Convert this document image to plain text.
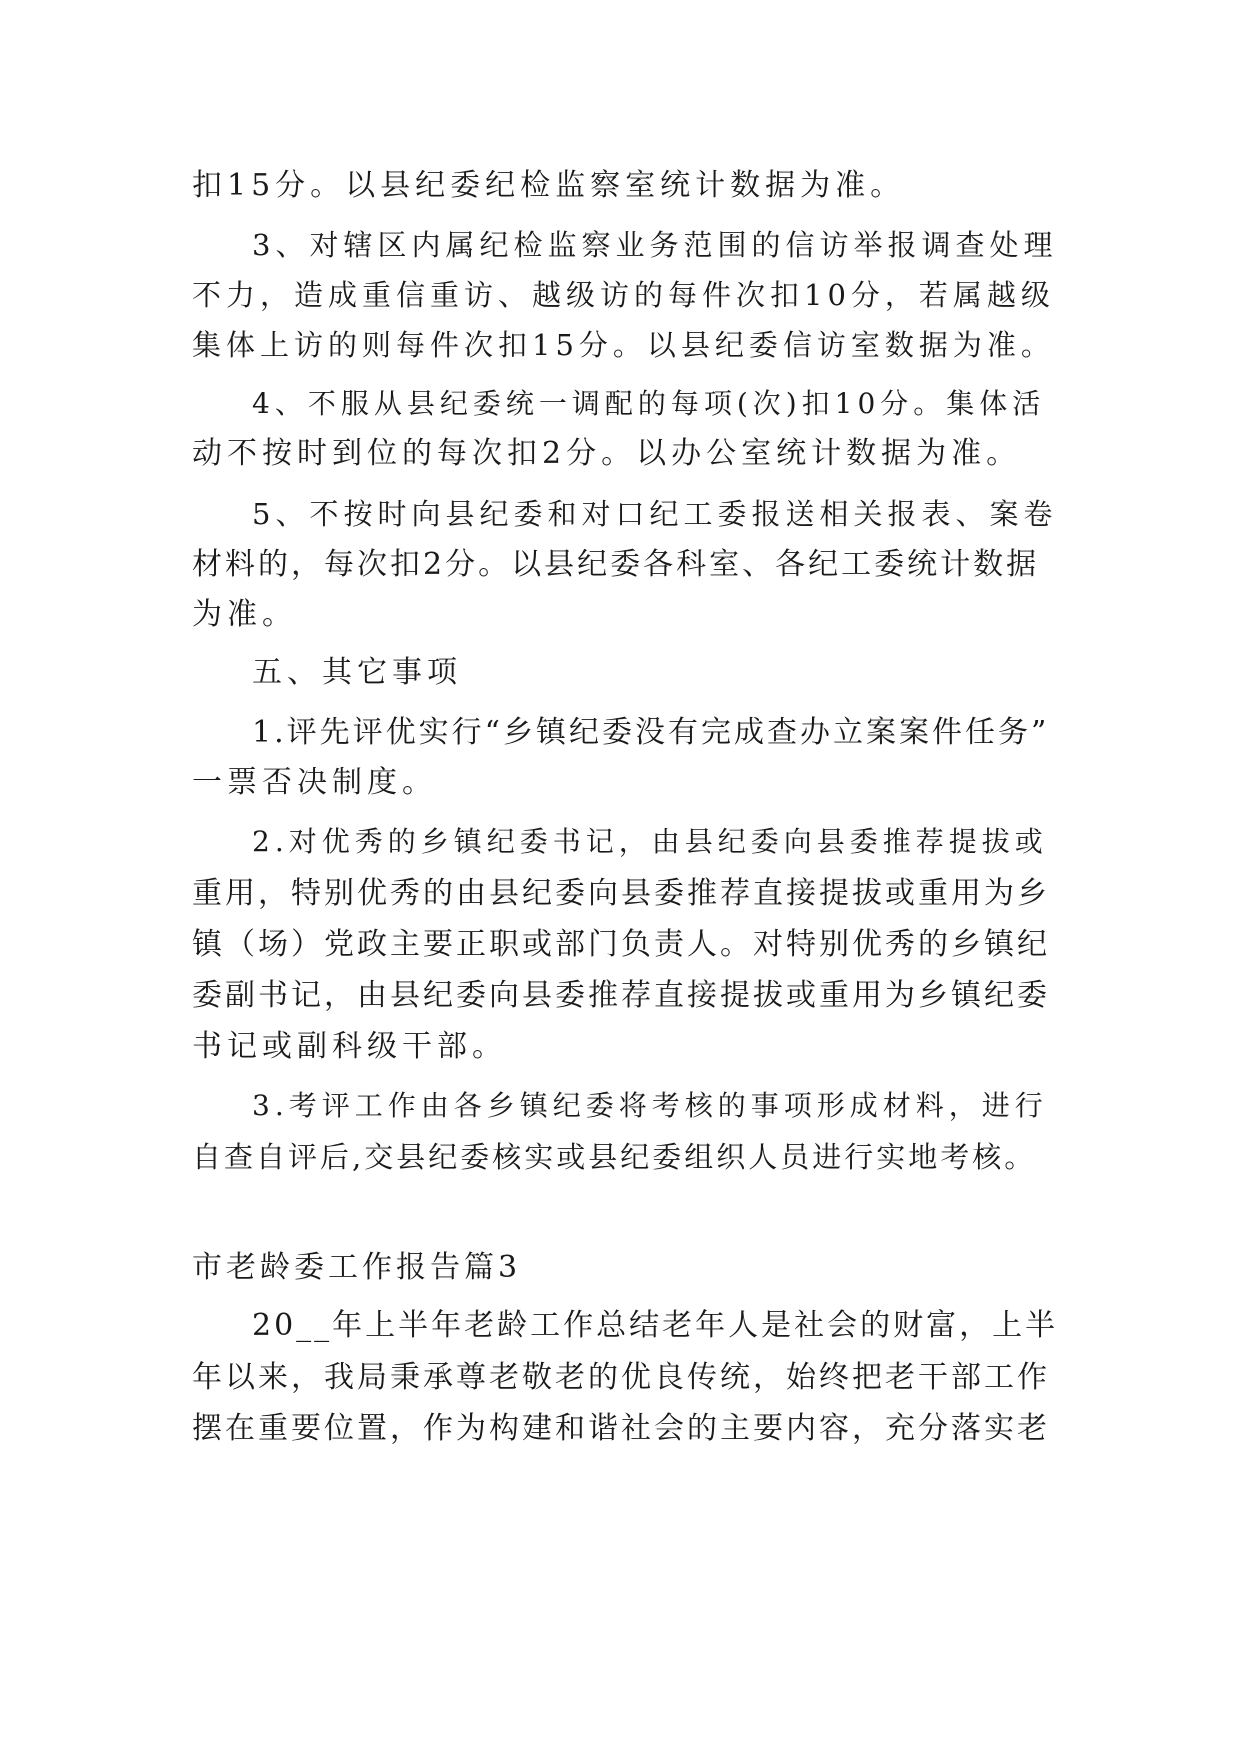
扣15分。以县纪委纪检监察室统计数据为准。
3、对辖区内属纪检监察业务范围的信访举报调查处理
不力，造成重信重访、越级访的每件次扣10分，若属越级
集体上访的则每件次扣15分。以县纪委信访室数据为准。
4、不服从县纪委统一调配的每项(次)扣10分。集体活
动不按时到位的每次扣2分。以办公室统计数据为准。
5、不按时向县纪委和对口纪工委报送相关报表、案卷
材料的，每次扣2分。以县纪委各科室、各纪工委统计数据
为准。
五、其它事项
1.评先评优实行“乡镇纪委没有完成查办立案案件任务”
一票否决制度。
2.对优秀的乡镇纪委书记，由县纪委向县委推荐提拔或
重用，特别优秀的由县纪委向县委推荐直接提拔或重用为乡
镇（场）党政主要正职或部门负责人。对特别优秀的乡镇纪
委副书记，由县纪委向县委推荐直接提拔或重用为乡镇纪委
书记或副科级干部。
3.考评工作由各乡镇纪委将考核的事项形成材料，进行
自查自评后,交县纪委核实或县纪委组织人员进行实地考核。
市老龄委工作报告篇3
20__年上半年老龄工作总结老年人是社会的财富，上半
年以来，我局秉承尊老敬老的优良传统，始终把老干部工作
摆在重要位置，作为构建和谐社会的主要内容，充分落实老
